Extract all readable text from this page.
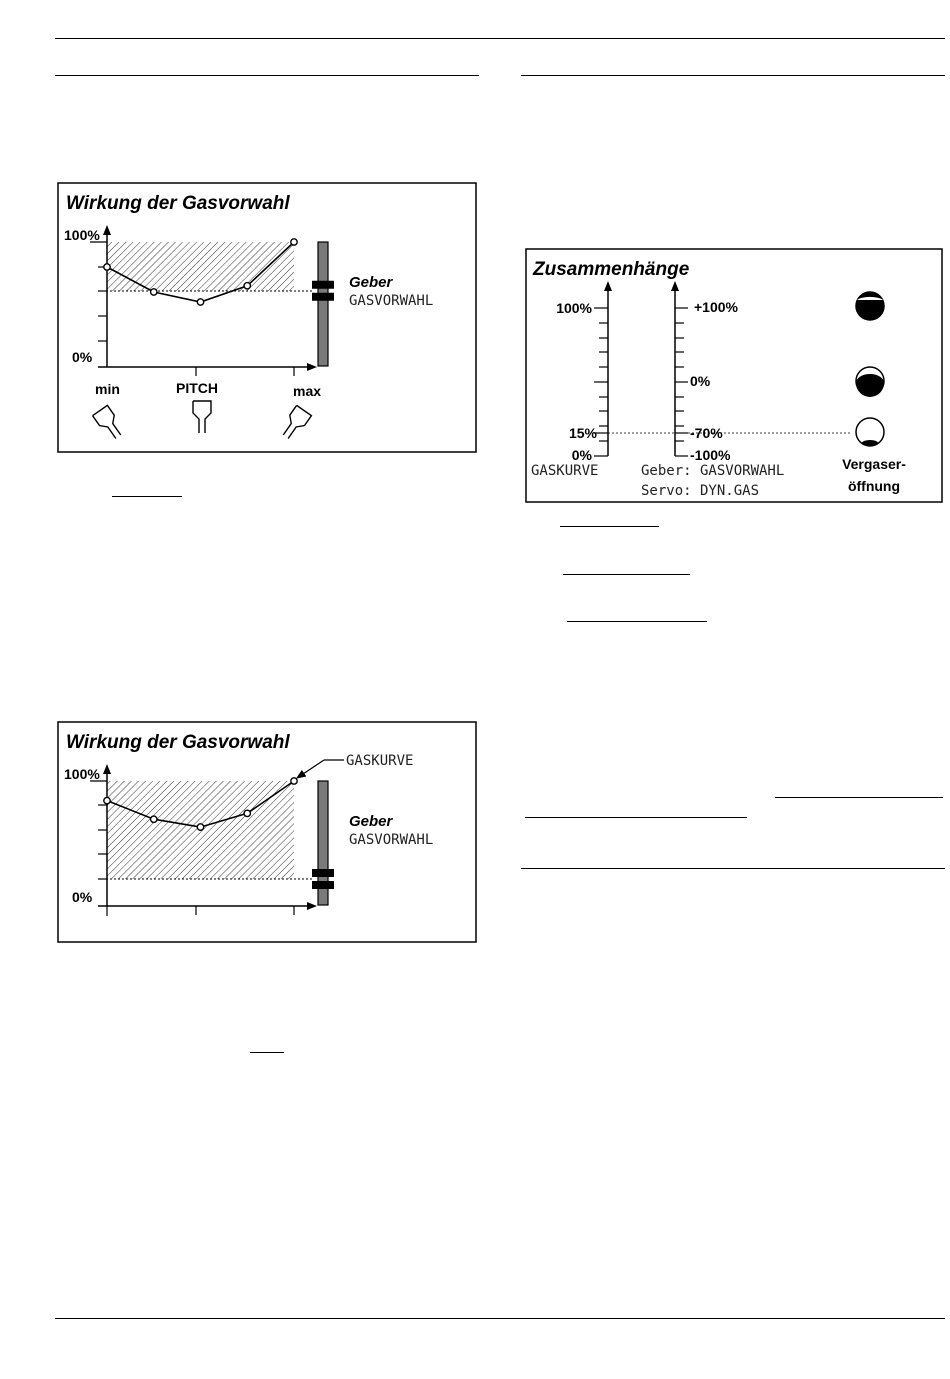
Wirkung der Gasvorwahl
100%
0%
Geber
GASVORWAHL
min	PITCH	max
Wirkung der Gasvorwahl
100%
0%
GASKURVE
Geber
GASVORWAHL
Zusammenhänge
100%
15%
0%
+100%
0%
-70%
-100%
GASKURVE	Geber: GASVORWAHL
Servo: DYN.GAS
Vergaser-
öffnung
